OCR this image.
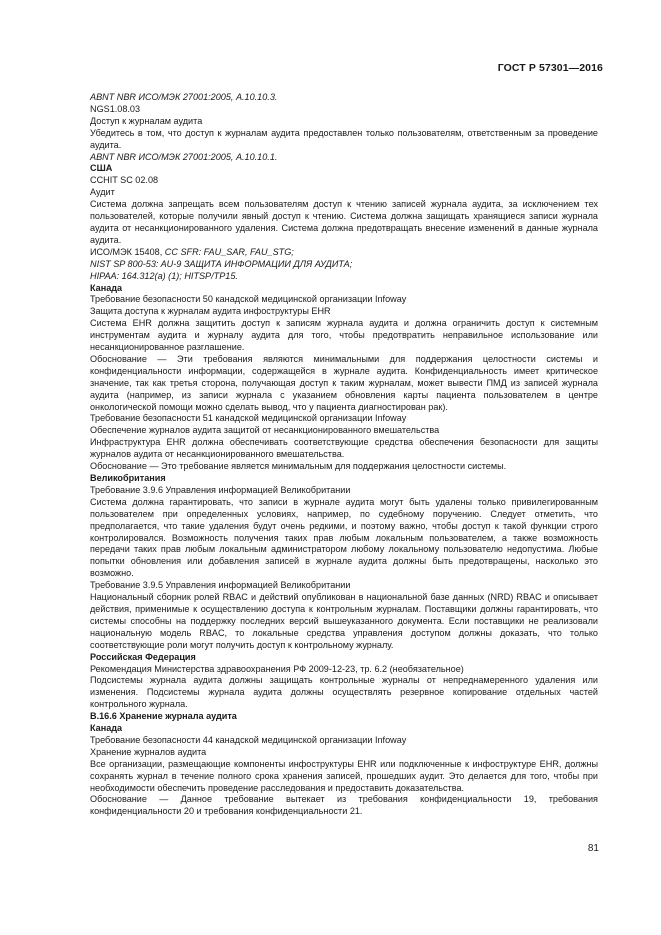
ГОСТ Р 57301—2016

ABNT NBR ИСО/МЭК 27001:2005, А.10.10.3.

NGS1.08.03

Доступ к журналам аудита

Убедитесь в том, что доступ к журналам аудита предоставлен только пользователям, ответственным за проведение аудита.

ABNT NBR ИСО/МЭК 27001:2005, А.10.10.1.

США

CCHIT SC 02.08

Аудит

Система должна запрещать всем пользователям доступ к чтению записей журнала аудита, за исключением тех пользователей, которые получили явный доступ к чтению. Система должна защищать хранящиеся записи журнала аудита от несанкционированного удаления. Система должна предотвращать внесение изменений в данные журнала аудита.

ИСО/МЭК 15408, CC SFR: FAU_SAR, FAU_STG;

NIST SP 800-53: AU-9 ЗАЩИТА ИНФОРМАЦИИ ДЛЯ АУДИТА;

HIPAA: 164.312(a) (1); HITSP/TP15.

Канада

Требование безопасности 50 канадской медицинской организации Infoway

Защита доступа к журналам аудита инфоструктуры EHR

Система EHR должна защитить доступ к записям журнала аудита и должна ограничить доступ к системным инструментам аудита и журналу аудита для того, чтобы предотвратить неправильное использование или несанкционированное разглашение.

Обоснование — Эти требования являются минимальными для поддержания целостности системы и конфиденциальности информации, содержащейся в журнале аудита. Конфиденциальность имеет критическое значение, так как третья сторона, получающая доступ к таким журналам, может вывести ПМД из записей журнала аудита (например, из записи журнала с указанием обновления карты пациента пользователем в центре онкологической помощи можно сделать вывод, что у пациента диагностирован рак).

Требование безопасности 51 канадской медицинской организации Infoway

Обеспечение журналов аудита защитой от несанкционированного вмешательства

Инфраструктура EHR должна обеспечивать соответствующие средства обеспечения безопасности для защиты журналов аудита от несанкционированного вмешательства.

Обоснование — Это требование является минимальным для поддержания целостности системы.

Великобритания

Требование 3.9.6 Управления информацией Великобритании

Система должна гарантировать, что записи в журнале аудита могут быть удалены только привилегированным пользователем при определенных условиях, например, по судебному поручению. Следует отметить, что предполагается, что такие удаления будут очень редкими, и поэтому важно, чтобы доступ к такой функции строго контролировался. Возможность получения таких прав любым локальным пользователем, а также возможность передачи таких прав любым локальным администратором любому локальному пользователю недопустима. Любые попытки обновления или добавления записей в журнале аудита должны быть предотвращены, насколько это возможно.

Требование 3.9.5 Управления информацией Великобритании

Национальный сборник ролей RBAC и действий опубликован в национальной базе данных (NRD) RBAC и описывает действия, применимые к осуществлению доступа к контрольным журналам. Поставщики должны гарантировать, что системы способны на поддержку последних версий вышеуказанного документа. Если поставщики не реализовали национальную модель RBAC, то локальные средства управления доступом должны доказать, что только соответствующие роли могут получить доступ к контрольному журналу.

Российская Федерация

Рекомендация Министерства здравоохранения РФ 2009-12-23, тр. 6.2 (необязательное)

Подсистемы журнала аудита должны защищать контрольные журналы от непреднамеренного удаления или изменения. Подсистемы журнала аудита должны осуществлять резервное копирование отдельных частей контрольного журнала.

В.16.6 Хранение журнала аудита

Канада

Требование безопасности 44 канадской медицинской организации Infoway

Хранение журналов аудита

Все организации, размещающие компоненты инфоструктуры EHR или подключенные к инфоструктуре EHR, должны сохранять журнал в течение полного срока хранения записей, прошедших аудит. Это делается для того, чтобы при необходимости обеспечить проведение расследования и предоставить доказательства.

Обоснование — Данное требование вытекает из требования конфиденциальности 19, требования конфиденциальности 20 и требования конфиденциальности 21.

81
